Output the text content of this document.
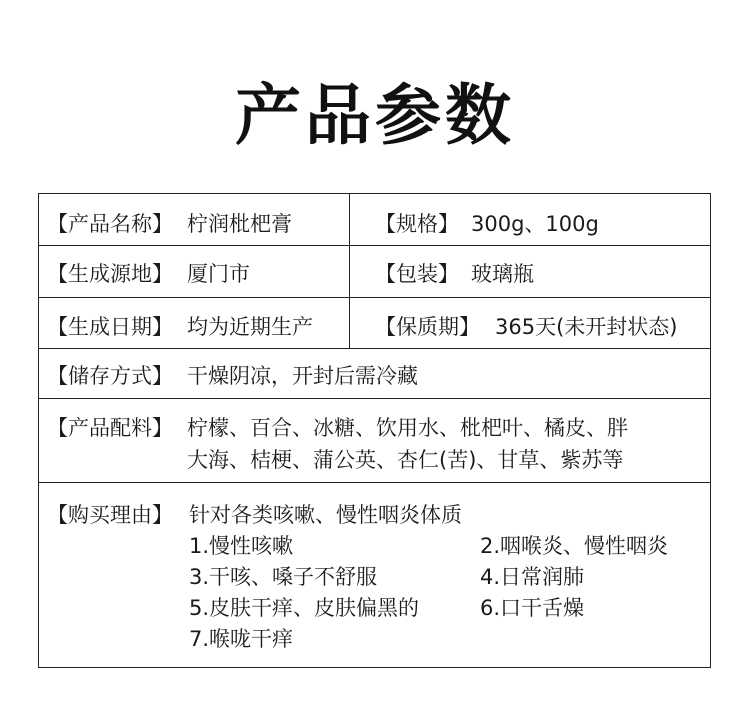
产品参数
【产品名称】 柠润枇杷膏	【规格】 300g、100g
【生成源地】 厦门市	【包装】 玻璃瓶
【生成日期】 均为近期生产	【保质期】 365天(未开封状态)
【储存方式】 干燥阴凉，开封后需冷藏
【产品配料】 柠檬、百合、冰糖、饮用水、枇杷叶、橘皮、胖
大海、桔梗、蒲公英、杏仁(苦)、甘草、紫苏等
【购买理由】 针对各类咳嗽、慢性咽炎体质
1.慢性咳嗽	2.咽喉炎、慢性咽炎
3.干咳、嗓子不舒服	4.日常润肺
5.皮肤干痒、皮肤偏黑的	6.口干舌燥
7.喉咙干痒
